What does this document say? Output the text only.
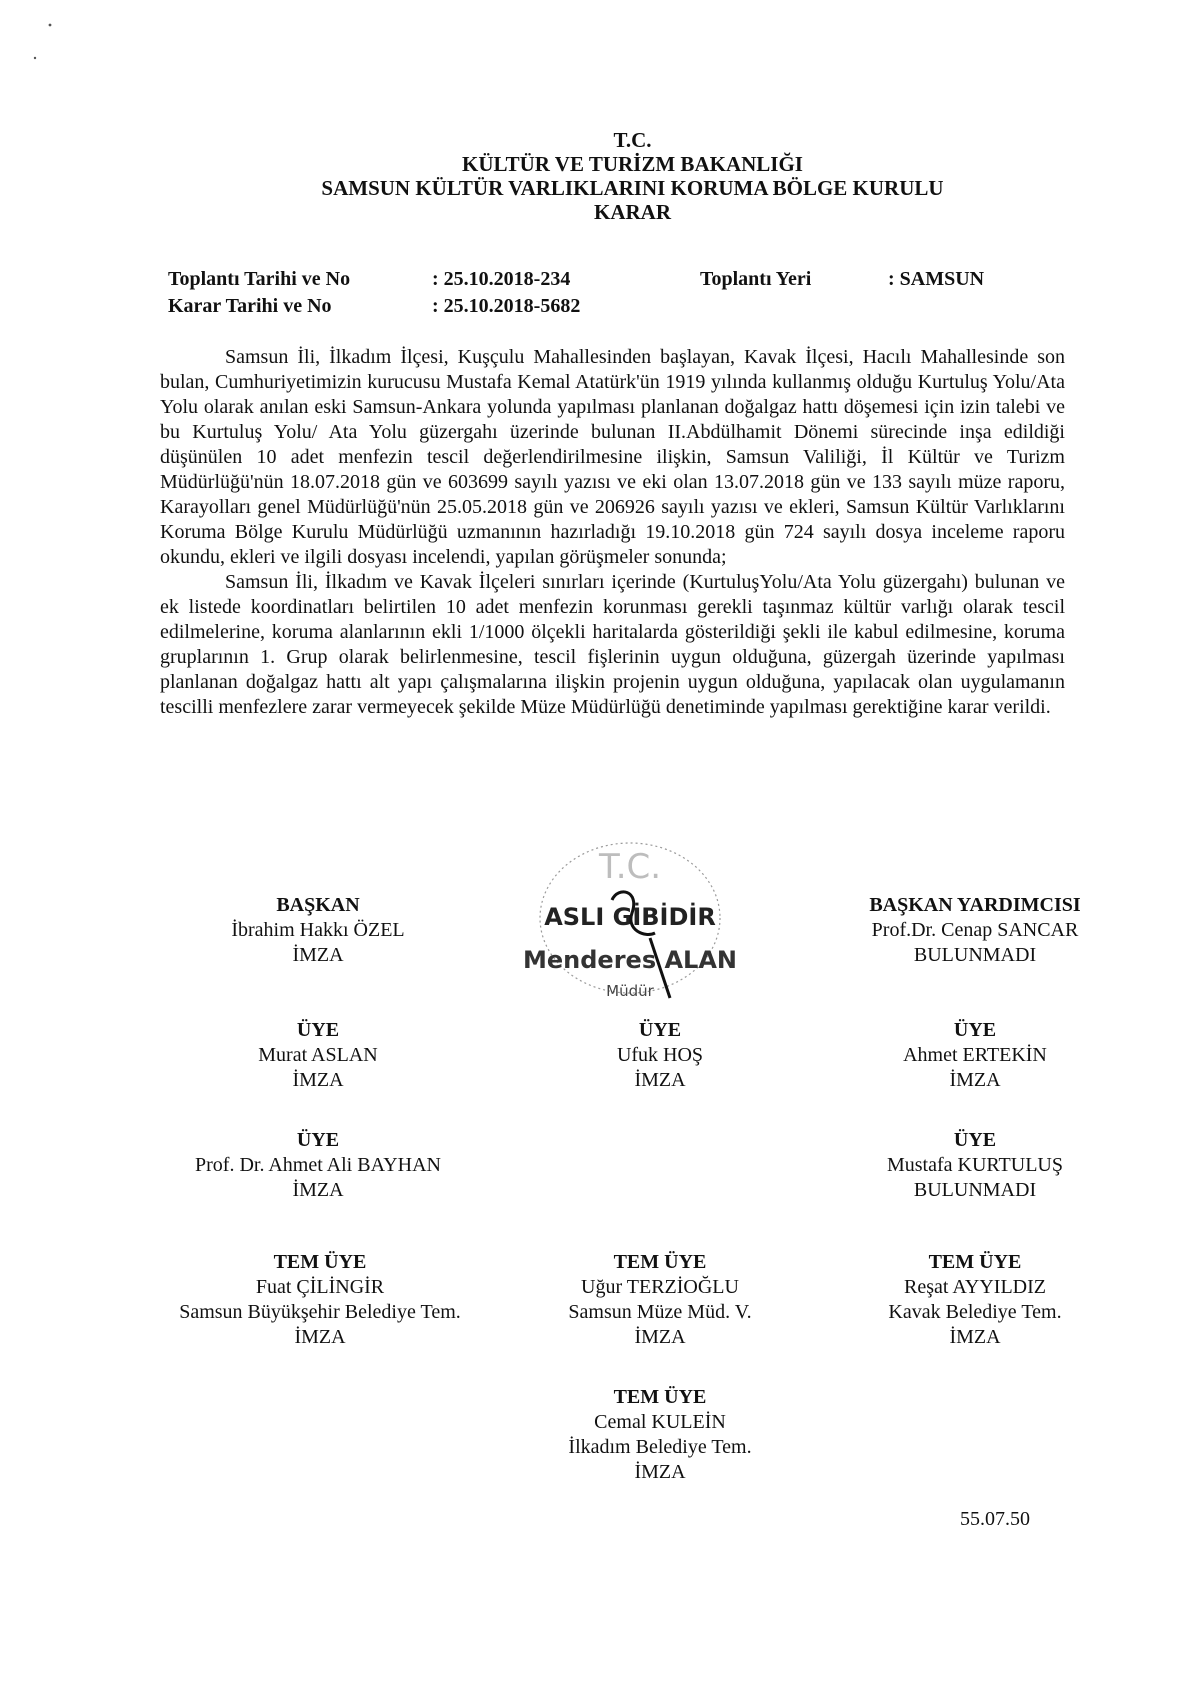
T.C.
KÜLTÜR VE TURİZM BAKANLIĞI
SAMSUN KÜLTÜR VARLIKLARINI KORUMA BÖLGE KURULU
KARAR
Toplantı Tarihi ve No	: 25.10.2018-234	Toplantı Yeri	: SAMSUN
Karar Tarihi ve No	: 25.10.2018-5682

Samsun İli, İlkadım İlçesi, Kuşçulu Mahallesinden başlayan, Kavak İlçesi, Hacılı Mahallesinde son bulan, Cumhuriyetimizin kurucusu Mustafa Kemal Atatürk'ün 1919 yılında kullanmış olduğu Kurtuluş Yolu/Ata Yolu olarak anılan eski Samsun-Ankara yolunda yapılması planlanan doğalgaz hattı döşemesi için izin talebi ve bu Kurtuluş Yolu/ Ata Yolu güzergahı üzerinde bulunan II.Abdülhamit Dönemi sürecinde inşa edildiği düşünülen 10 adet menfezin tescil değerlendirilmesine ilişkin, Samsun Valiliği, İl Kültür ve Turizm Müdürlüğü'nün 18.07.2018 gün ve 603699 sayılı yazısı ve eki olan 13.07.2018 gün ve 133 sayılı müze raporu, Karayolları genel Müdürlüğü'nün 25.05.2018 gün ve 206926 sayılı yazısı ve ekleri, Samsun Kültür Varlıklarını Koruma Bölge Kurulu Müdürlüğü uzmanının hazırladığı 19.10.2018 gün 724 sayılı dosya inceleme raporu okundu, ekleri ve ilgili dosyası incelendi, yapılan görüşmeler sonunda;

Samsun İli, İlkadım ve Kavak İlçeleri sınırları içerinde (KurtuluşYolu/Ata Yolu güzergahı) bulunan ve ek listede koordinatları belirtilen 10 adet menfezin korunması gerekli taşınmaz kültür varlığı olarak tescil edilmelerine, koruma alanlarının ekli 1/1000 ölçekli haritalarda gösterildiği şekli ile kabul edilmesine, koruma gruplarının 1. Grup olarak belirlenmesine, tescil fişlerinin uygun olduğuna, güzergah üzerinde yapılması planlanan doğalgaz hattı alt yapı çalışmalarına ilişkin projenin uygun olduğuna, yapılacak olan uygulamanın tescilli menfezlere zarar vermeyecek şekilde Müze Müdürlüğü denetiminde yapılması gerektiğine karar verildi.

T.C.
ASLI GİBİDİR
Menderes ALAN
Müdür
BAŞKAN
İbrahim Hakkı ÖZEL
İMZA
BAŞKAN YARDIMCISI
Prof.Dr. Cenap SANCAR
BULUNMADI
ÜYE
Murat ASLAN
İMZA
ÜYE
Ufuk HOŞ
İMZA
ÜYE
Ahmet ERTEKİN
İMZA
ÜYE
Prof. Dr. Ahmet Ali BAYHAN
İMZA
ÜYE
Mustafa KURTULUŞ
BULUNMADI
TEM ÜYE
Fuat ÇİLİNGİR
Samsun Büyükşehir Belediye Tem.
İMZA
TEM ÜYE
Uğur TERZİOĞLU
Samsun Müze Müd. V.
İMZA
TEM ÜYE
Reşat AYYILDIZ
Kavak Belediye Tem.
İMZA
TEM ÜYE
Cemal KULEİN
İlkadım Belediye Tem.
İMZA
55.07.50
